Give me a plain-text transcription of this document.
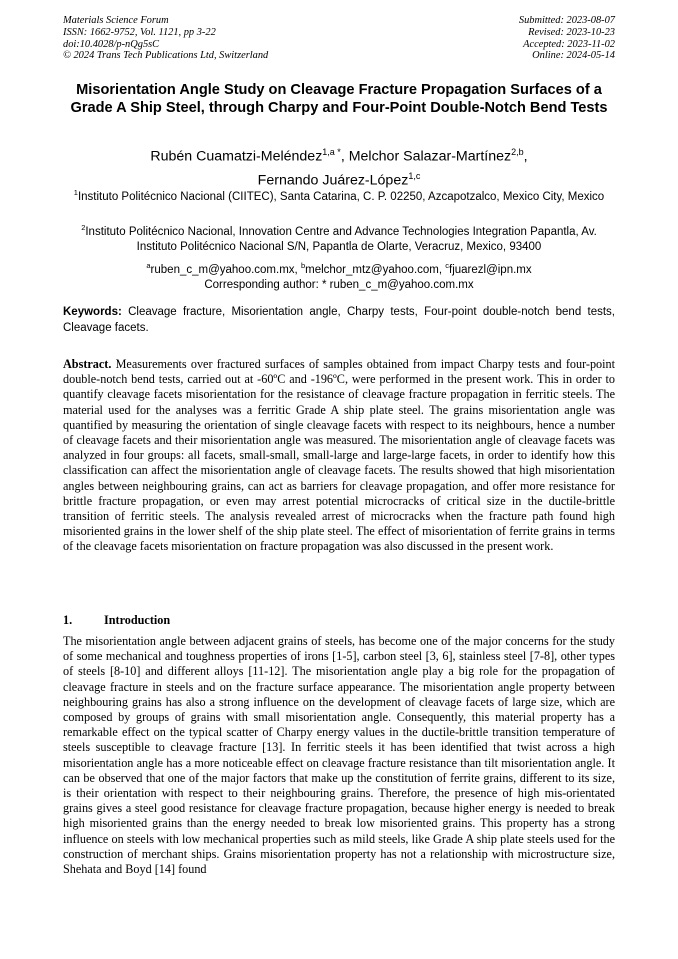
Materials Science Forum
ISSN: 1662-9752, Vol. 1121, pp 3-22
doi:10.4028/p-nQg5sC
© 2024 Trans Tech Publications Ltd, Switzerland
Submitted: 2023-08-07
Revised: 2023-10-23
Accepted: 2023-11-02
Online: 2024-05-14
Misorientation Angle Study on Cleavage Fracture Propagation Surfaces of a Grade A Ship Steel, through Charpy and Four-Point Double-Notch Bend Tests
Rubén Cuamatzi-Meléndez$^{1,a *}$, Melchor Salazar-Martínez$^{2,b}$,
Fernando Juárez-López$^{1,c}$
$^1$Instituto Politécnico Nacional (CIITEC), Santa Catarina, C. P. 02250, Azcapotzalco, Mexico City, Mexico
$^2$Instituto Politécnico Nacional, Innovation Centre and Advance Technologies Integration Papantla, Av. Instituto Politécnico Nacional S/N, Papantla de Olarte, Veracruz, Mexico, 93400
$^a$ruben_c_m@yahoo.com.mx, $^b$melchor_mtz@yahoo.com, $^c$fjuarezl@ipn.mx
Corresponding author: * ruben_c_m@yahoo.com.mx
Keywords: Cleavage fracture, Misorientation angle, Charpy tests, Four-point double-notch bend tests, Cleavage facets.
Abstract. Measurements over fractured surfaces of samples obtained from impact Charpy tests and four-point double-notch bend tests, carried out at -60ºC and -196ºC, were performed in the present work. This in order to quantify cleavage facets misorientation for the resistance of cleavage fracture propagation in ferritic steels. The material used for the analyses was a ferritic Grade A ship plate steel. The grains misorientation angle was quantified by measuring the orientation of single cleavage facets with respect to its neighbours, hence a number of cleavage facets and their misorientation angle was measured. The misorientation angle of cleavage facets was analyzed in four groups: all facets, small-small, small-large and large-large facets, in order to identify how this classification can affect the misorientation angle of cleavage facets. The results showed that high misorientation angles between neighbouring grains, can act as barriers for cleavage propagation, and offer more resistance for brittle fracture propagation, or even may arrest potential microcracks of critical size in the ductile-brittle transition of ferritic steels. The analysis revealed arrest of microcracks when the fracture path found high misoriented grains in the lower shelf of the ship plate steel. The effect of misorientation of ferrite grains in terms of the cleavage facets misorientation on fracture propagation was also discussed in the present work.
1.	Introduction
The misorientation angle between adjacent grains of steels, has become one of the major concerns for the study of some mechanical and toughness properties of irons [1-5], carbon steel [3, 6], stainless steel [7-8], other types of steels [8-10] and different alloys [11-12]. The misorientation angle play a big role for the propagation of cleavage fracture in steels and on the fracture surface appearance. The misorientation angle property between neighbouring grains has also a strong influence on the development of cleavage facets of large size, which are composed by groups of grains with small misorientation angle. Consequently, this material property has a remarkable effect on the typical scatter of Charpy energy values in the ductile-brittle transition temperature of steels susceptible to cleavage fracture [13]. In ferritic steels it has been identified that twist across a high misorientation angle has a more noticeable effect on cleavage fracture resistance than tilt misorientation angle. It can be observed that one of the major factors that make up the constitution of ferrite grains, different to its size, is their orientation with respect to their neighbouring grains. Therefore, the presence of high mis-orientated grains gives a steel good resistance for cleavage fracture propagation, because higher energy is needed to break high misoriented grains than the energy needed to break low misoriented grains. This property has a strong influence on steels with low mechanical properties such as mild steels, like Grade A ship plate steels used for the construction of merchant ships. Grains misorientation property has not a relationship with microstructure size, Shehata and Boyd [14] found
